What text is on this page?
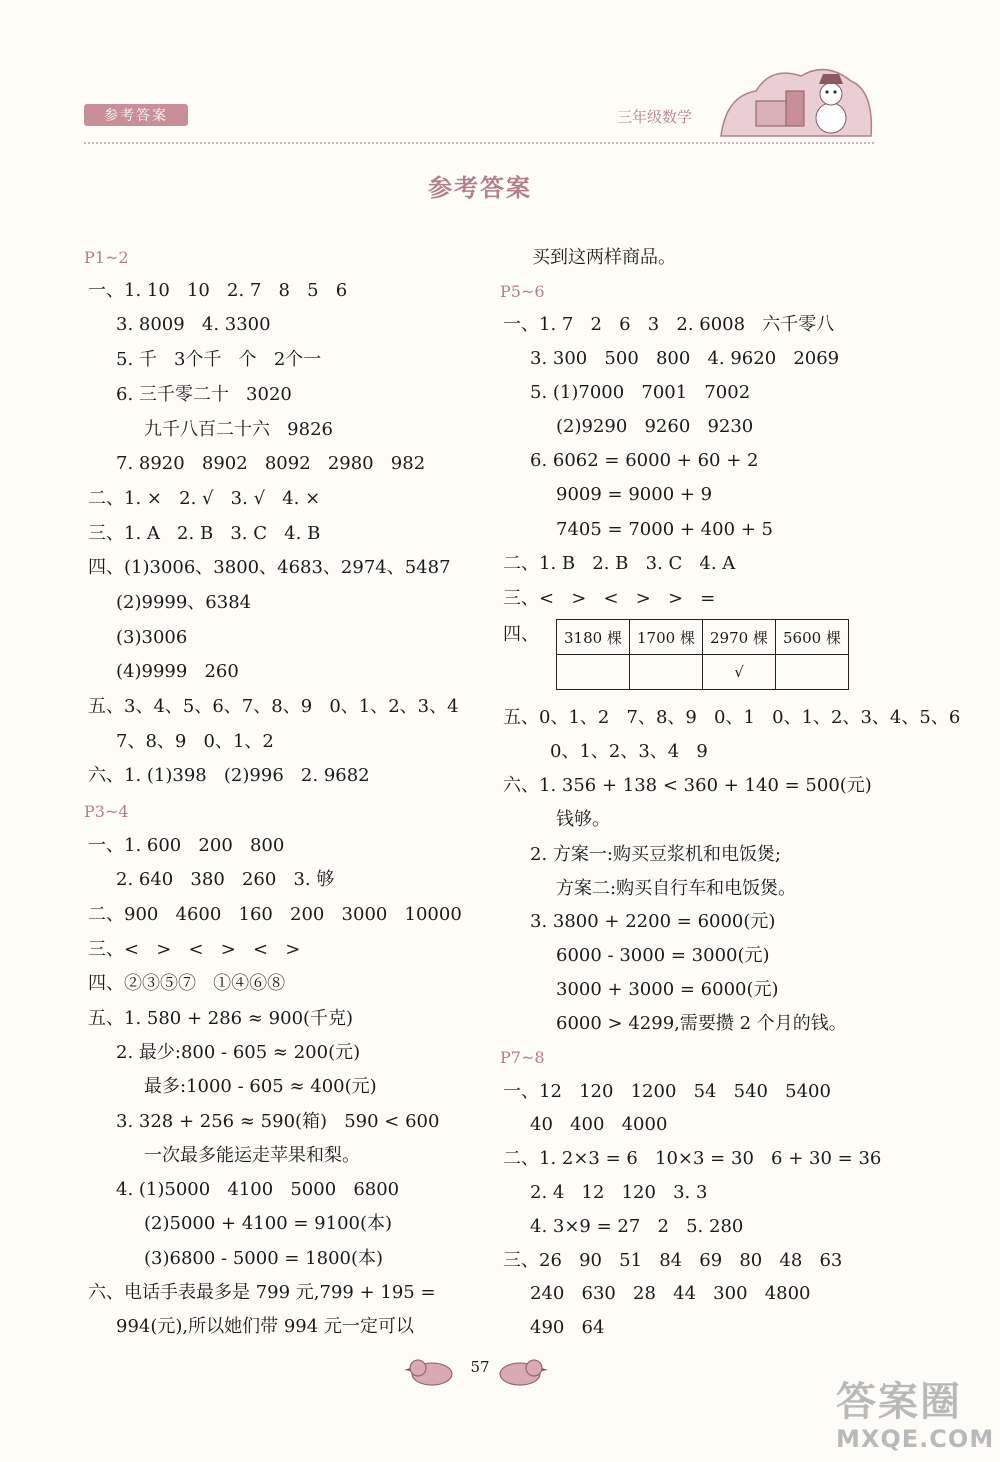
参考答案	三年级数学
参考答案
P1~2
一、1. 10   10   2. 7   8   5   6
3. 8009   4. 3300
5. 千   3个千   个   2个一
6. 三千零二十   3020
九千八百二十六   9826
7. 8920   8902   8092   2980   982
二、1. ×   2. √   3. √   4. ×
三、1. A   2. B   3. C   4. B
四、(1)3006、3800、4683、2974、5487
(2)9999、6384
(3)3006
(4)9999   260
五、3、4、5、6、7、8、9   0、1、2、3、4
7、8、9   0、1、2
六、1. (1)398   (2)996   2. 9682
P3~4
一、1. 600   200   800
2. 640   380   260   3. 够
二、900   4600   160   200   3000   10000
三、<   >   <   >   <   >
四、②③⑤⑦   ①④⑥⑧
五、1. 580 + 286 ≈ 900(千克)
2. 最少:800 - 605 ≈ 200(元)
最多:1000 - 605 ≈ 400(元)
3. 328 + 256 ≈ 590(箱)   590 < 600
一次最多能运走苹果和梨。
4. (1)5000   4100   5000   6800
(2)5000 + 4100 = 9100(本)
(3)6800 - 5000 = 1800(本)
六、电话手表最多是 799 元,799 + 195 =
994(元),所以她们带 994 元一定可以
买到这两样商品。
P5~6
一、1. 7   2   6   3   2. 6008   六千零八
3. 300   500   800   4. 9620   2069
5. (1)7000   7001   7002
(2)9290   9260   9230
6. 6062 = 6000 + 60 + 2
9009 = 9000 + 9
7405 = 7000 + 400 + 5
二、1. B   2. B   3. C   4. A
三、<   >   <   >   >   =
四、 3180 棵	1700 棵	2970 棵	5600 棵
		√	
五、0、1、2   7、8、9   0、1   0、1、2、3、4、5、6
0、1、2、3、4   9
六、1. 356 + 138 < 360 + 140 = 500(元)
钱够。
2. 方案一:购买豆浆机和电饭煲;
方案二:购买自行车和电饭煲。
3. 3800 + 2200 = 6000(元)
6000 - 3000 = 3000(元)
3000 + 3000 = 6000(元)
6000 > 4299,需要攒 2 个月的钱。
P7~8
一、12   120   1200   54   540   5400
40   400   4000
二、1. 2×3 = 6   10×3 = 30   6 + 30 = 36
2. 4   12   120   3. 3
4. 3×9 = 27   2   5. 280
三、26   90   51   84   69   80   48   63
240   630   28   44   300   4800
490   64
57
答案圈
MXQE.COM
